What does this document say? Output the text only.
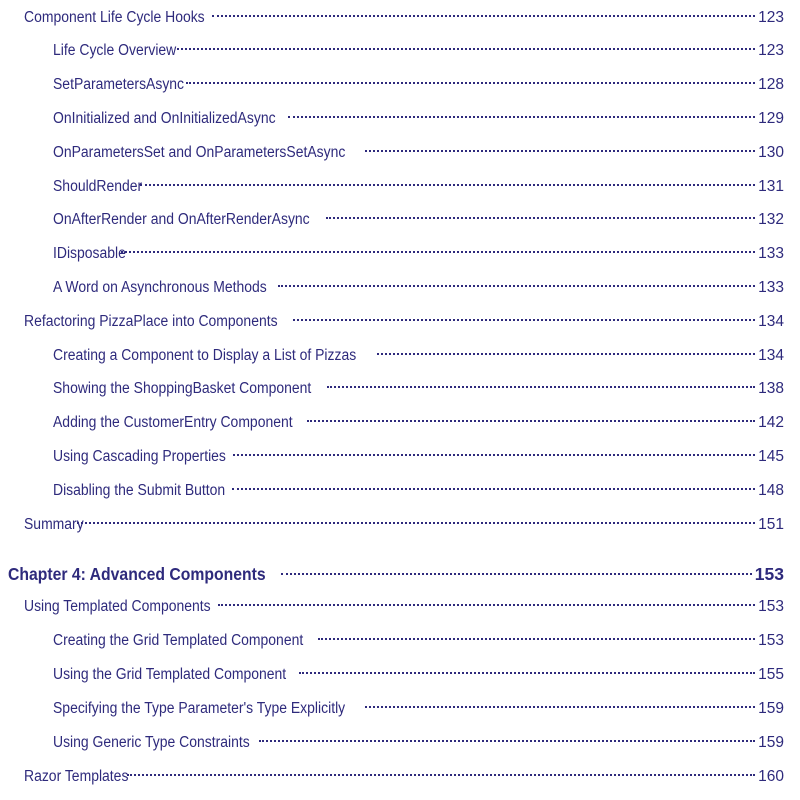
Component Life Cycle Hooks	123
Life Cycle Overview	123
SetParametersAsync	128
OnInitialized and OnInitializedAsync	129
OnParametersSet and OnParametersSetAsync	130
ShouldRender	131
OnAfterRender and OnAfterRenderAsync	132
IDisposable	133
A Word on Asynchronous Methods	133
Refactoring PizzaPlace into Components	134
Creating a Component to Display a List of Pizzas	134
Showing the ShoppingBasket Component	138
Adding the CustomerEntry Component	142
Using Cascading Properties	145
Disabling the Submit Button	148
Summary	151
Chapter 4: Advanced Components	153
Using Templated Components	153
Creating the Grid Templated Component	153
Using the Grid Templated Component	155
Specifying the Type Parameter's Type Explicitly	159
Using Generic Type Constraints	159
Razor Templates	160
